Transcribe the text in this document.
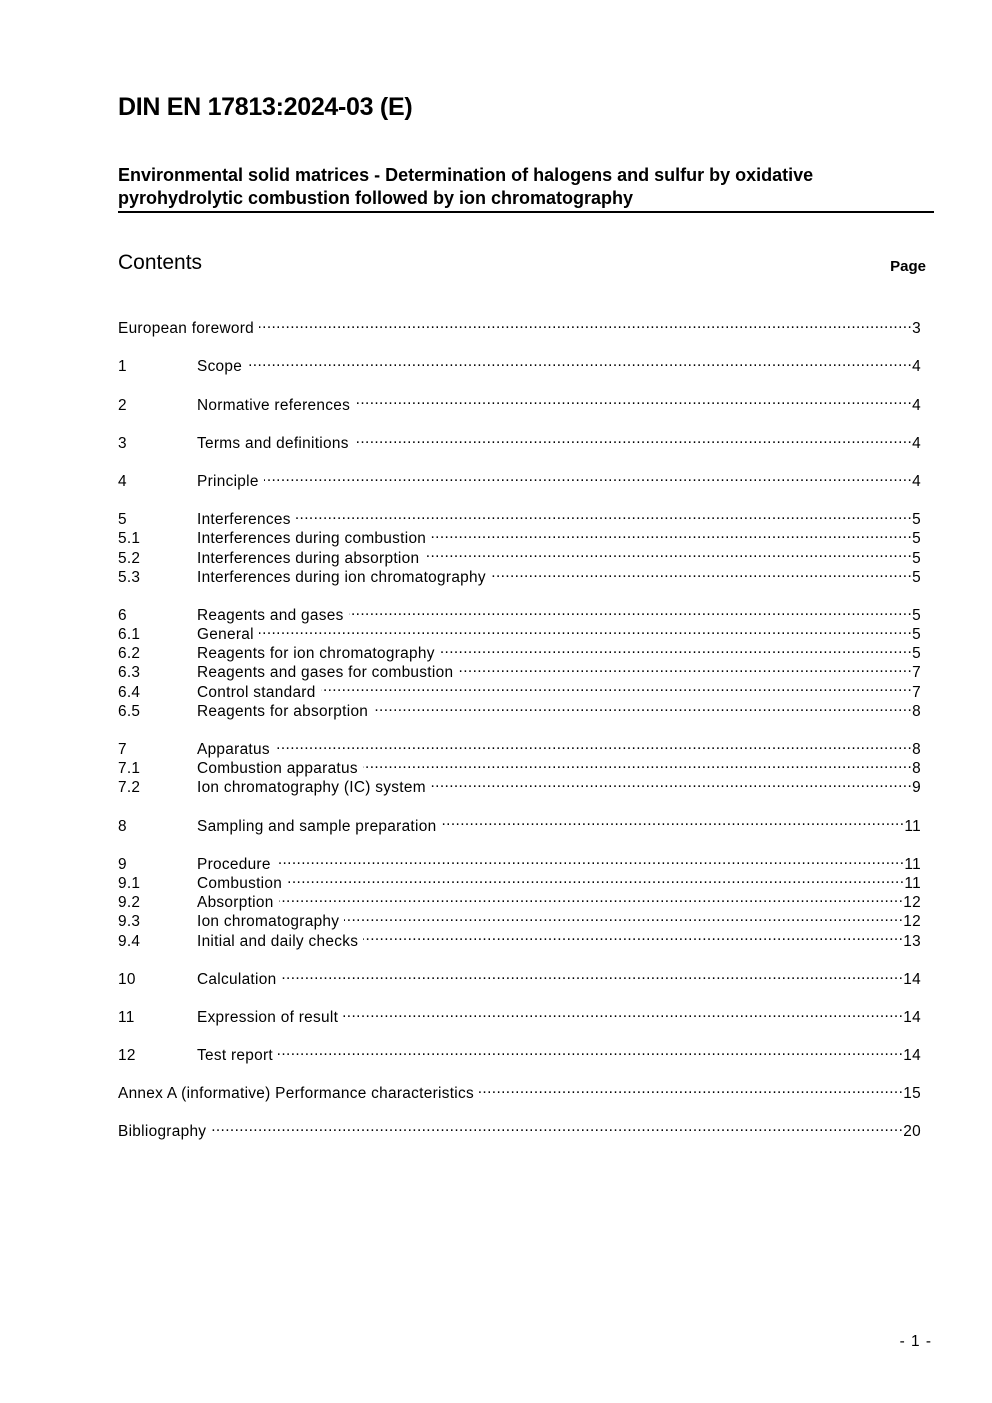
DIN EN 17813:2024-03 (E)
Environmental solid matrices - Determination of halogens and sulfur by oxidative pyrohydrolytic combustion followed by ion chromatography
Contents	Page
European foreword .....	3
1	Scope .....	4
2	Normative references .....	4
3	Terms and definitions .....	4
4	Principle .....	4
5	Interferences .....	5
5.1	Interferences during combustion .....	5
5.2	Interferences during absorption .....	5
5.3	Interferences during ion chromatography .....	5
6	Reagents and gases .....	5
6.1	General .....	5
6.2	Reagents for ion chromatography .....	5
6.3	Reagents and gases for combustion .....	7
6.4	Control standard .....	7
6.5	Reagents for absorption .....	8
7	Apparatus .....	8
7.1	Combustion apparatus .....	8
7.2	Ion chromatography (IC) system .....	9
8	Sampling and sample preparation .....	11
9	Procedure .....	11
9.1	Combustion .....	11
9.2	Absorption .....	12
9.3	Ion chromatography .....	12
9.4	Initial and daily checks .....	13
10	Calculation .....	14
11	Expression of result .....	14
12	Test report .....	14
Annex A (informative) Performance characteristics .....	15
Bibliography .....	20
- 1 -
